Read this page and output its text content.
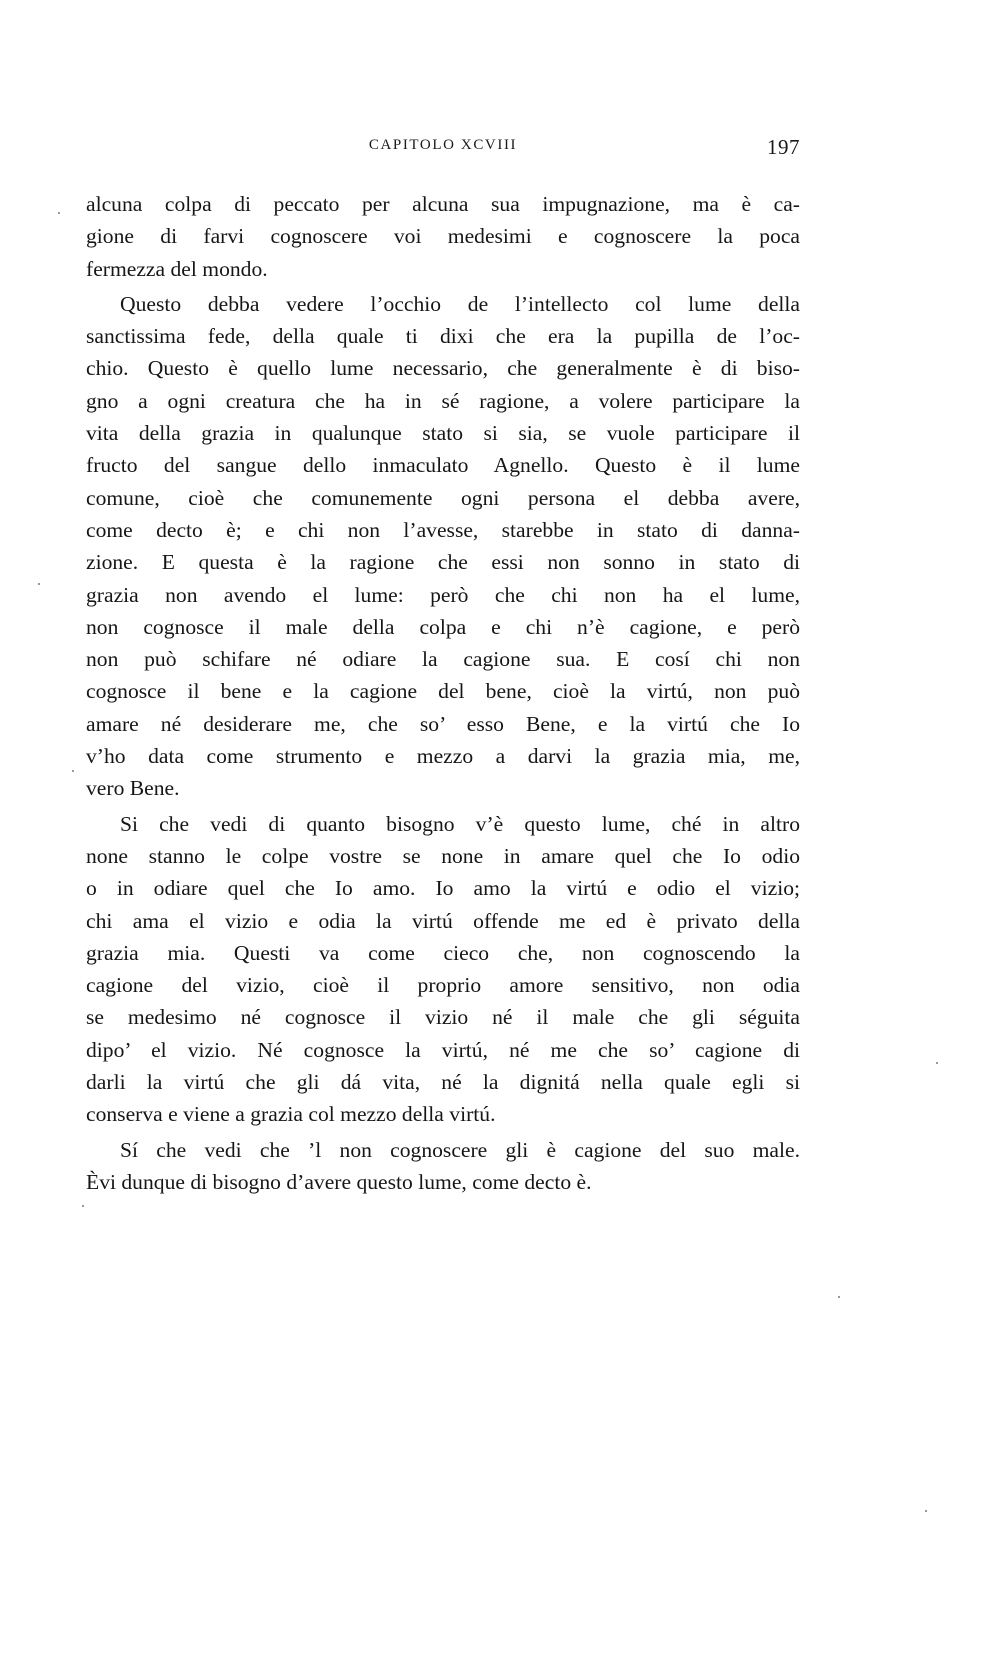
CAPITOLO XCVIII	197
alcuna colpa di peccato per alcuna sua impugnazione, ma è ca-
gione di farvi cognoscere voi medesimi e cognoscere la poca
fermezza del mondo.
Questo debba vedere l’occhio de l’intellecto col lume della
sanctissima fede, della quale ti dixi che era la pupilla de l’oc-
chio. Questo è quello lume necessario, che generalmente è di biso-
gno a ogni creatura che ha in sé ragione, a volere participare la
vita della grazia in qualunque stato si sia, se vuole participare il
fructo del sangue dello inmaculato Agnello. Questo è il lume
comune, cioè che comunemente ogni persona el debba avere,
come decto è; e chi non l’avesse, starebbe in stato di danna-
zione. E questa è la ragione che essi non sonno in stato di
grazia non avendo el lume: però che chi non ha el lume,
non cognosce il male della colpa e chi n’è cagione, e però
non può schifare né odiare la cagione sua. E cosí chi non
cognosce il bene e la cagione del bene, cioè la virtú, non può
amare né desiderare me, che so’ esso Bene, e la virtú che Io
v’ho data come strumento e mezzo a darvi la grazia mia, me,
vero Bene.
Si che vedi di quanto bisogno v’è questo lume, ché in altro
none stanno le colpe vostre se none in amare quel che Io odio
o in odiare quel che Io amo. Io amo la virtú e odio el vizio;
chi ama el vizio e odia la virtú offende me ed è privato della
grazia mia. Questi va come cieco che, non cognoscendo la
cagione del vizio, cioè il proprio amore sensitivo, non odia
se medesimo né cognosce il vizio né il male che gli séguita
dipo’ el vizio. Né cognosce la virtú, né me che so’ cagione di
darli la virtú che gli dá vita, né la dignitá nella quale egli si
conserva e viene a grazia col mezzo della virtú.
Sí che vedi che ’l non cognoscere gli è cagione del suo male.
Èvi dunque di bisogno d’avere questo lume, come decto è.
